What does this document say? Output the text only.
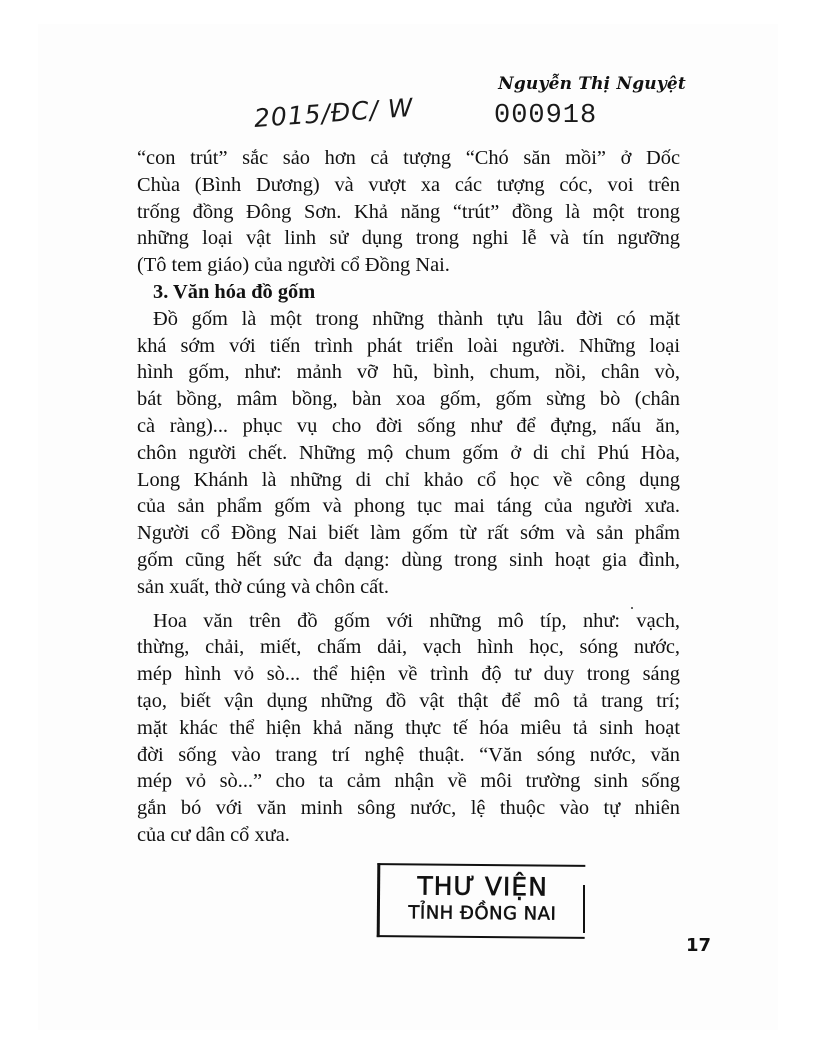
Nguyễn Thị Nguyệt
2015/ĐC/ W	000918
“con trút” sắc sảo hơn cả tượng “Chó săn mồi” ở Dốc
Chùa (Bình Dương) và vượt xa các tượng cóc, voi trên
trống đồng Đông Sơn. Khả năng “trút” đồng là một trong
những loại vật linh sử dụng trong nghi lễ và tín ngưỡng
(Tô tem giáo) của người cổ Đồng Nai.
3. Văn hóa đồ gốm
Đồ gốm là một trong những thành tựu lâu đời có mặt
khá sớm với tiến trình phát triển loài người. Những loại
hình gốm, như: mảnh vỡ hũ, bình, chum, nồi, chân vò,
bát bồng, mâm bồng, bàn xoa gốm, gốm sừng bò (chân
cà ràng)... phục vụ cho đời sống như để đựng, nấu ăn,
chôn người chết. Những mộ chum gốm ở di chỉ Phú Hòa,
Long Khánh là những di chỉ khảo cổ học về công dụng
của sản phẩm gốm và phong tục mai táng của người xưa.
Người cổ Đồng Nai biết làm gốm từ rất sớm và sản phẩm
gốm cũng hết sức đa dạng: dùng trong sinh hoạt gia đình,
sản xuất, thờ cúng và chôn cất.
Hoa văn trên đồ gốm với những mô típ, như: vạch,
thừng, chải, miết, chấm dải, vạch hình học, sóng nước,
mép hình vỏ sò... thể hiện về trình độ tư duy trong sáng
tạo, biết vận dụng những đồ vật thật để mô tả trang trí;
mặt khác thể hiện khả năng thực tế hóa miêu tả sinh hoạt
đời sống vào trang trí nghệ thuật. “Văn sóng nước, văn
mép vỏ sò...” cho ta cảm nhận về môi trường sinh sống
gắn bó với văn minh sông nước, lệ thuộc vào tự nhiên
của cư dân cổ xưa.
THƯ VIỆN
TỈNH ĐỒNG NAI
17
